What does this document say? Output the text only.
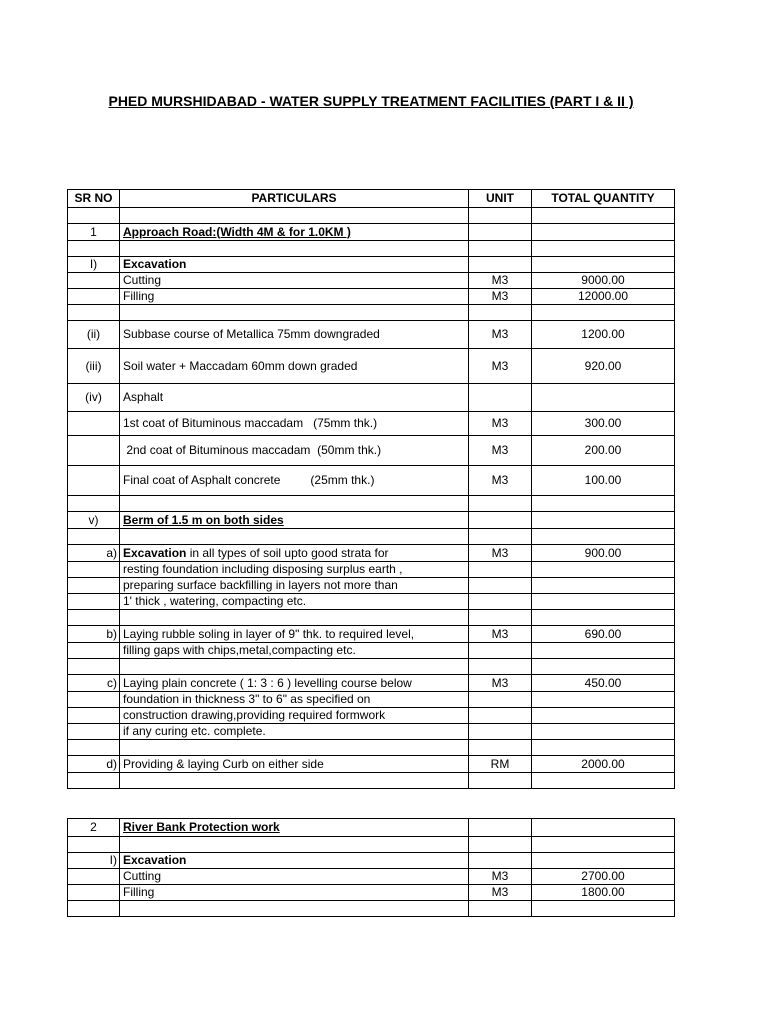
PHED MURSHIDABAD - WATER SUPPLY TREATMENT FACILITIES (PART I & II )
SR NO	PARTICULARS	UNIT	TOTAL QUANTITY

1	Approach Road:(Width 4M & for 1.0KM )		

I)	Excavation		
	Cutting	M3	9000.00
	Filling	M3	12000.00

(ii)	Subbase course of Metallica 75mm downgraded	M3	1200.00
(iii)	Soil water + Maccadam 60mm down graded	M3	920.00
(iv)	Asphalt		
	1st coat of Bituminous maccadam   (75mm thk.)	M3	300.00
	2nd coat of Bituminous maccadam  (50mm thk.)	M3	200.00
	Final coat of Asphalt concrete         (25mm thk.)	M3	100.00

v)	Berm of 1.5 m on both sides		

a)	Excavation in all types of soil upto good strata for	M3	900.00
	resting foundation including disposing surplus earth ,		
	preparing surface backfilling in layers not more than		
	1' thick , watering, compacting etc.		

b)	Laying rubble soling in layer of 9" thk. to required level,	M3	690.00
	filling gaps with chips,metal,compacting etc.		

c)	Laying plain concrete ( 1: 3 : 6 ) levelling course below	M3	450.00
	foundation in thickness 3" to 6" as specified on		
	construction drawing,providing required formwork		
	if any curing etc. complete.		

d)	Providing & laying Curb on either side	RM	2000.00

2	River Bank Protection work		

I)	Excavation		
	Cutting	M3	2700.00
	Filling	M3	1800.00
